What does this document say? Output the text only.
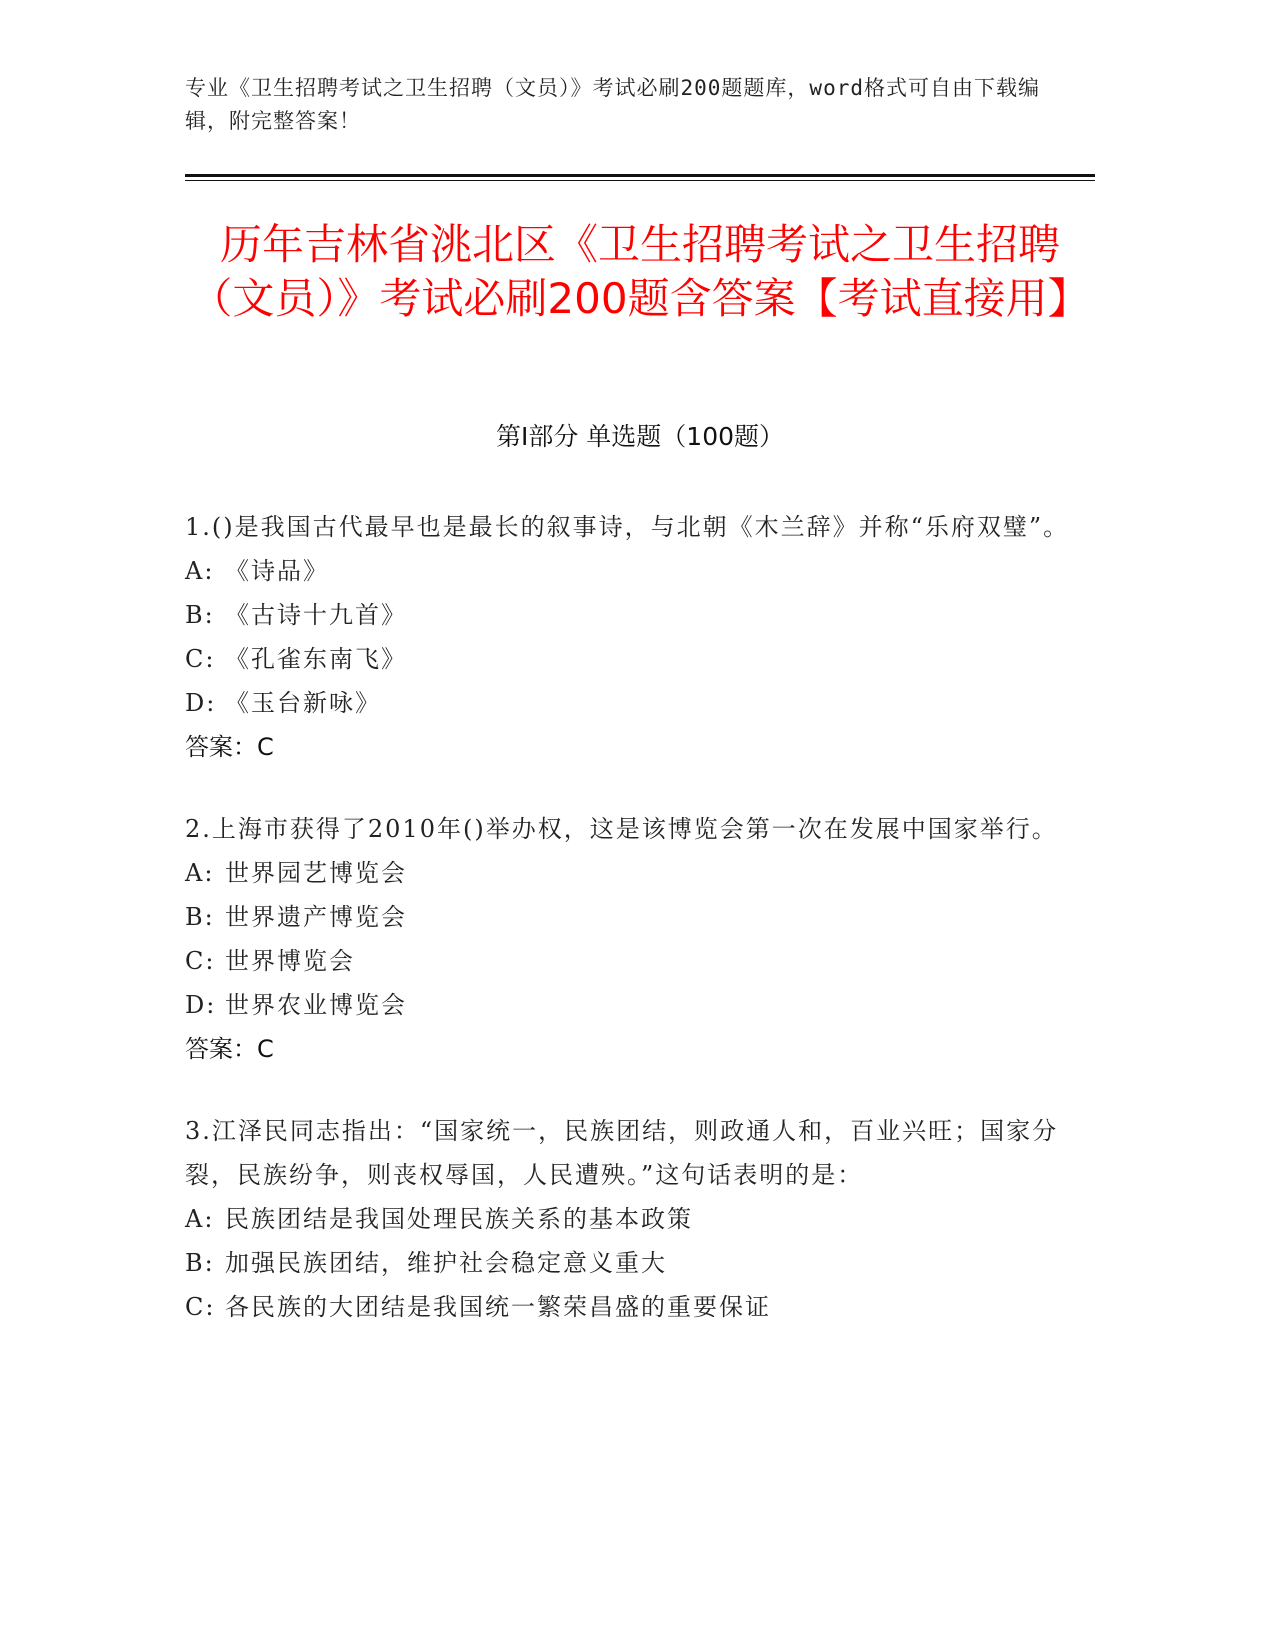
专业《卫生招聘考试之卫生招聘（文员）》考试必刷200题题库，word格式可自由下载编辑，附完整答案！
历年吉林省洮北区《卫生招聘考试之卫生招聘（文员）》考试必刷200题含答案【考试直接用】
第I部分 单选题（100题）

1.()是我国古代最早也是最长的叙事诗，与北朝《木兰辞》并称“乐府双璧”。

A: 《诗品》

B: 《古诗十九首》

C: 《孔雀东南飞》

D: 《玉台新咏》

答案：C

2.上海市获得了2010年()举办权，这是该博览会第一次在发展中国家举行。

A: 世界园艺博览会

B: 世界遗产博览会

C: 世界博览会

D: 世界农业博览会

答案：C

3.江泽民同志指出：“国家统一，民族团结，则政通人和，百业兴旺；国家分裂，民族纷争，则丧权辱国，人民遭殃。”这句话表明的是：

A: 民族团结是我国处理民族关系的基本政策

B: 加强民族团结，维护社会稳定意义重大

C: 各民族的大团结是我国统一繁荣昌盛的重要保证
